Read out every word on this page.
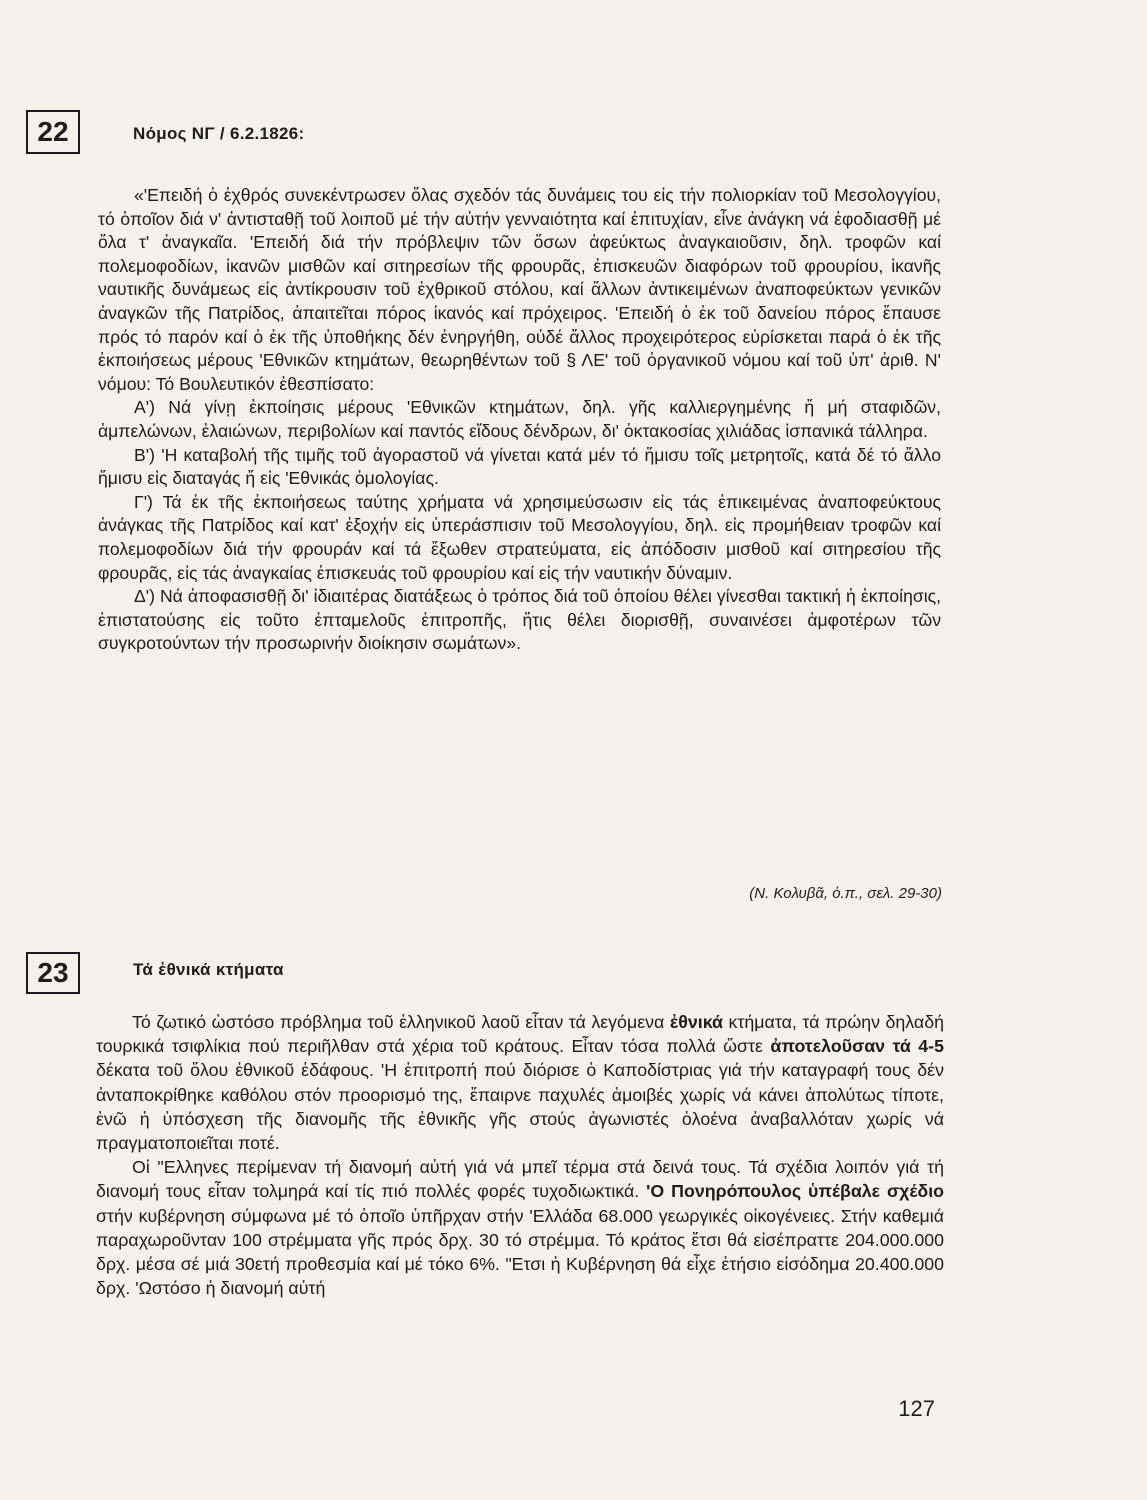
22	Νόμος ΝΓ / 6.2.1826:

«'Επειδή ὁ ἐχθρός συνεκέντρωσεν ὅλας σχεδόν τάς δυνάμεις του εἰς τήν πολιορκίαν τοῦ Μεσολογγίου, τό ὁποῖον διά ν' ἀντισταθῇ τοῦ λοιποῦ μέ τήν αὐτήν γενναιότητα καί ἐπιτυχίαν, εἶνε ἀνάγκη νά ἐφοδιασθῇ μέ ὅλα τ' ἀναγκαῖα. 'Επειδή διά τήν πρόβλεψιν τῶν ὅσων ἀφεύκτως ἀναγκαιοῦσιν, δηλ. τροφῶν καί πολεμοφοδίων, ἱκανῶν μισθῶν καί σιτηρεσίων τῆς φρουρᾶς, ἐπισκευῶν διαφόρων τοῦ φρουρίου, ἱκανῆς ναυτικῆς δυνάμεως εἰς ἀντίκρουσιν τοῦ ἐχθρικοῦ στόλου, καί ἄλλων ἀντικειμένων ἀναποφεύκτων γενικῶν ἀναγκῶν τῆς Πατρίδος, ἀπαιτεῖται πόρος ἱκανός καί πρόχειρος. 'Επειδή ὁ ἐκ τοῦ δανείου πόρος ἔπαυσε πρός τό παρόν καί ὁ ἐκ τῆς ὑποθήκης δέν ἐνηργήθη, οὐδέ ἄλλος προχειρότερος εὑρίσκεται παρά ὁ ἐκ τῆς ἐκποιήσεως μέρους 'Εθνικῶν κτημάτων, θεωρηθέντων τοῦ § ΛΕ' τοῦ ὀργανικοῦ νόμου καί τοῦ ὑπ' ἀριθ. Ν' νόμου: Τό Βουλευτικόν ἐθεσπίσατο:

Α') Νά γίνῃ ἐκποίησις μέρους 'Εθνικῶν κτημάτων, δηλ. γῆς καλλιεργημένης ἤ μή σταφιδῶν, ἀμπελώνων, ἐλαιώνων, περιβολίων καί παντός εἴδους δένδρων, δι' ὀκτακοσίας χιλιάδας ἱσπανικά τάλληρα.

Β') 'Η καταβολή τῆς τιμῆς τοῦ ἀγοραστοῦ νά γίνεται κατά μέν τό ἥμισυ τοῖς μετρητοῖς, κατά δέ τό ἄλλο ἥμισυ εἰς διαταγάς ἤ εἰς 'Εθνικάς ὁμολογίας.

Γ') Τά ἐκ τῆς ἐκποιήσεως ταύτης χρήματα νά χρησιμεύσωσιν εἰς τάς ἐπικειμένας ἀναποφεύκτους ἀνάγκας τῆς Πατρίδος καί κατ' ἐξοχήν εἰς ὑπεράσπισιν τοῦ Μεσολογγίου, δηλ. εἰς προμήθειαν τροφῶν καί πολεμοφοδίων διά τήν φρουράν καί τά ἔξωθεν στρατεύματα, εἰς ἀπόδοσιν μισθοῦ καί σιτηρεσίου τῆς φρουρᾶς, εἰς τάς ἀναγκαίας ἐπισκευάς τοῦ φρουρίου καί εἰς τήν ναυτικήν δύναμιν.

Δ') Νά ἀποφασισθῇ δι' ἰδιαιτέρας διατάξεως ὁ τρόπος διά τοῦ ὁποίου θέλει γίνεσθαι τακτική ἡ ἐκποίησις, ἐπιστατούσης εἰς τοῦτο ἐπταμελοῦς ἐπιτροπῆς, ἥτις θέλει διορισθῇ, συναινέσει ἀμφοτέρων τῶν συγκροτούντων τήν προσωρινήν διοίκησιν σωμάτων».

(Ν. Κολυβᾶ, ὁ.π., σελ. 29-30)
23	Τά ἐθνικά κτήματα

Τό ζωτικό ὡστόσο πρόβλημα τοῦ ἑλληνικοῦ λαοῦ εἶταν τά λεγόμενα ἐθνικά κτήματα, τά πρώην δηλαδή τουρκικά τσιφλίκια πού περιῆλθαν στά χέρια τοῦ κράτους. Εἶταν τόσα πολλά ὥστε ἀποτελοῦσαν τά 4-5 δέκατα τοῦ ὅλου ἐθνικοῦ ἐδάφους. 'Η ἐπιτροπή πού διόρισε ὁ Καποδίστριας γιά τήν καταγραφή τους δέν ἀνταποκρίθηκε καθόλου στόν προορισμό της, ἔπαιρνε παχυλές ἀμοιβές χωρίς νά κάνει ἀπολύτως τίποτε, ἐνῶ ἡ ὑπόσχεση τῆς διανομῆς τῆς ἐθνικῆς γῆς στούς ἀγωνιστές ὁλοένα ἀναβαλλόταν χωρίς νά πραγματοποιεῖται ποτέ.

Οἱ "Ελληνες περίμεναν τή διανομή αὐτή γιά νά μπεῖ τέρμα στά δεινά τους. Τά σχέδια λοιπόν γιά τή διανομή τους εἶταν τολμηρά καί τίς πιό πολλές φορές τυχοδιωκτικά. 'Ο Πονηρόπουλος ὑπέβαλε σχέδιο στήν κυβέρνηση σύμφωνα μέ τό ὁποῖο ὑπῆρχαν στήν 'Ελλάδα 68.000 γεωργικές οἰκογένειες. Στήν καθεμιά παραχωροῦνταν 100 στρέμματα γῆς πρός δρχ. 30 τό στρέμμα. Τό κράτος ἔτσι θά εἰσέπραττε 204.000.000 δρχ. μέσα σέ μιά 30ετή προθεσμία καί μέ τόκο 6%. "Ετσι ἡ Κυβέρνηση θά εἶχε ἐτήσιο εἰσόδημα 20.400.000 δρχ. 'Ωστόσο ἡ διανομή αὐτή

127
